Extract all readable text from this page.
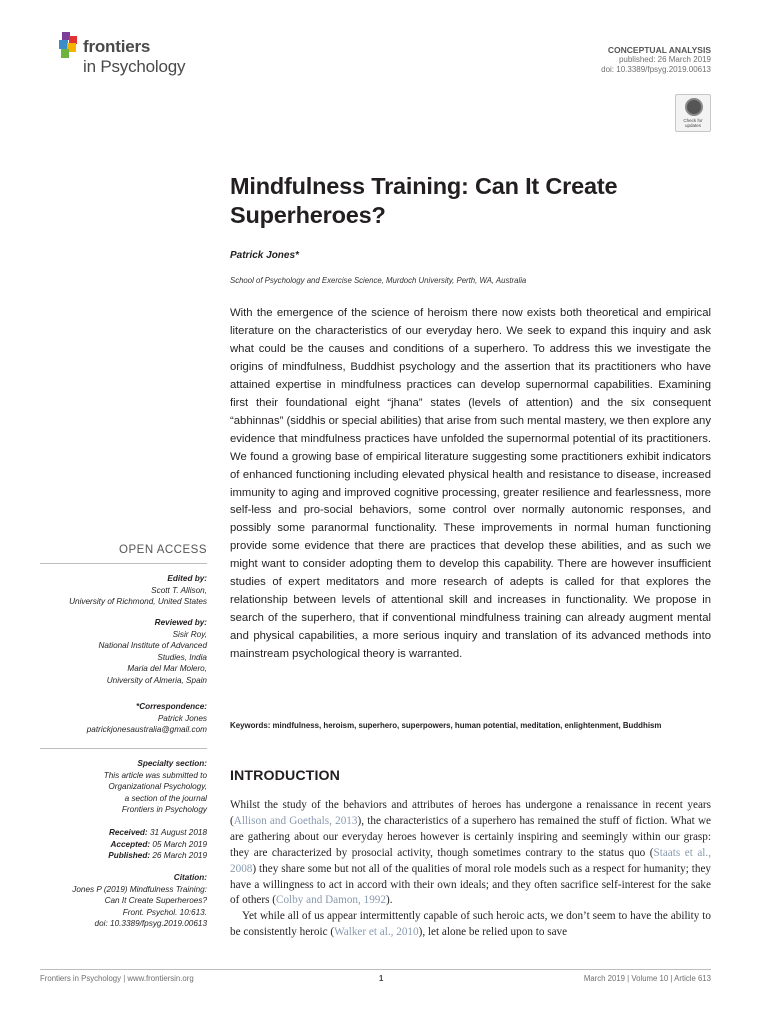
frontiers
in Psychology
CONCEPTUAL ANALYSIS
published: 26 March 2019
doi: 10.3389/fpsyg.2019.00613
Check for
updates
Mindfulness Training: Can It Create Superheroes?
Patrick Jones*
School of Psychology and Exercise Science, Murdoch University, Perth, WA, Australia
With the emergence of the science of heroism there now exists both theoretical and empirical literature on the characteristics of our everyday hero. We seek to expand this inquiry and ask what could be the causes and conditions of a superhero. To address this we investigate the origins of mindfulness, Buddhist psychology and the assertion that its practitioners who have attained expertise in mindfulness practices can develop supernormal capabilities. Examining first their foundational eight “jhana” states (levels of attention) and the six consequent “abhinnas” (siddhis or special abilities) that arise from such mental mastery, we then explore any evidence that mindfulness practices have unfolded the supernormal potential of its practitioners. We found a growing base of empirical literature suggesting some practitioners exhibit indicators of enhanced functioning including elevated physical health and resistance to disease, increased immunity to aging and improved cognitive processing, greater resilience and fearlessness, more self-less and pro-social behaviors, some control over normally autonomic responses, and possibly some paranormal functionality. These improvements in normal human functioning provide some evidence that there are practices that develop these abilities, and as such we might want to consider adopting them to develop this capability. There are however insufficient studies of expert meditators and more research of adepts is called for that explores the relationship between levels of attentional skill and increases in functionality. We propose in search of the superhero, that if conventional mindfulness training can already augment mental and physical capabilities, a more serious inquiry and translation of its advanced methods into mainstream psychological theory is warranted.
Keywords: mindfulness, heroism, superhero, superpowers, human potential, meditation, enlightenment, Buddhism
OPEN ACCESS
Edited by:
Scott T. Allison,
University of Richmond, United States
Reviewed by:
Sisir Roy,
National Institute of Advanced
Studies, India
Maria del Mar Molero,
University of Almeria, Spain
*Correspondence:
Patrick Jones
patrickjonesaustralia@gmail.com
Specialty section:
This article was submitted to
Organizational Psychology,
a section of the journal
Frontiers in Psychology
Received: 31 August 2018
Accepted: 05 March 2019
Published: 26 March 2019
Citation:
Jones P (2019) Mindfulness Training:
Can It Create Superheroes?
Front. Psychol. 10:613.
doi: 10.3389/fpsyg.2019.00613
INTRODUCTION

Whilst the study of the behaviors and attributes of heroes has undergone a renaissance in recent years (Allison and Goethals, 2013), the characteristics of a superhero has remained the stuff of fiction. What we are gathering about our everyday heroes however is certainly inspiring and seemingly within our grasp: they are characterized by prosocial activity, though sometimes contrary to the status quo (Staats et al., 2008) they share some but not all of the qualities of moral role models such as a respect for humanity; they have a willingness to act in accord with their own ideals; and they often sacrifice self-interest for the sake of others (Colby and Damon, 1992).

Yet while all of us appear intermittently capable of such heroic acts, we don’t seem to have the ability to be consistently heroic (Walker et al., 2010), let alone be relied upon to save

Frontiers in Psychology | www.frontiersin.org	1	March 2019 | Volume 10 | Article 613
